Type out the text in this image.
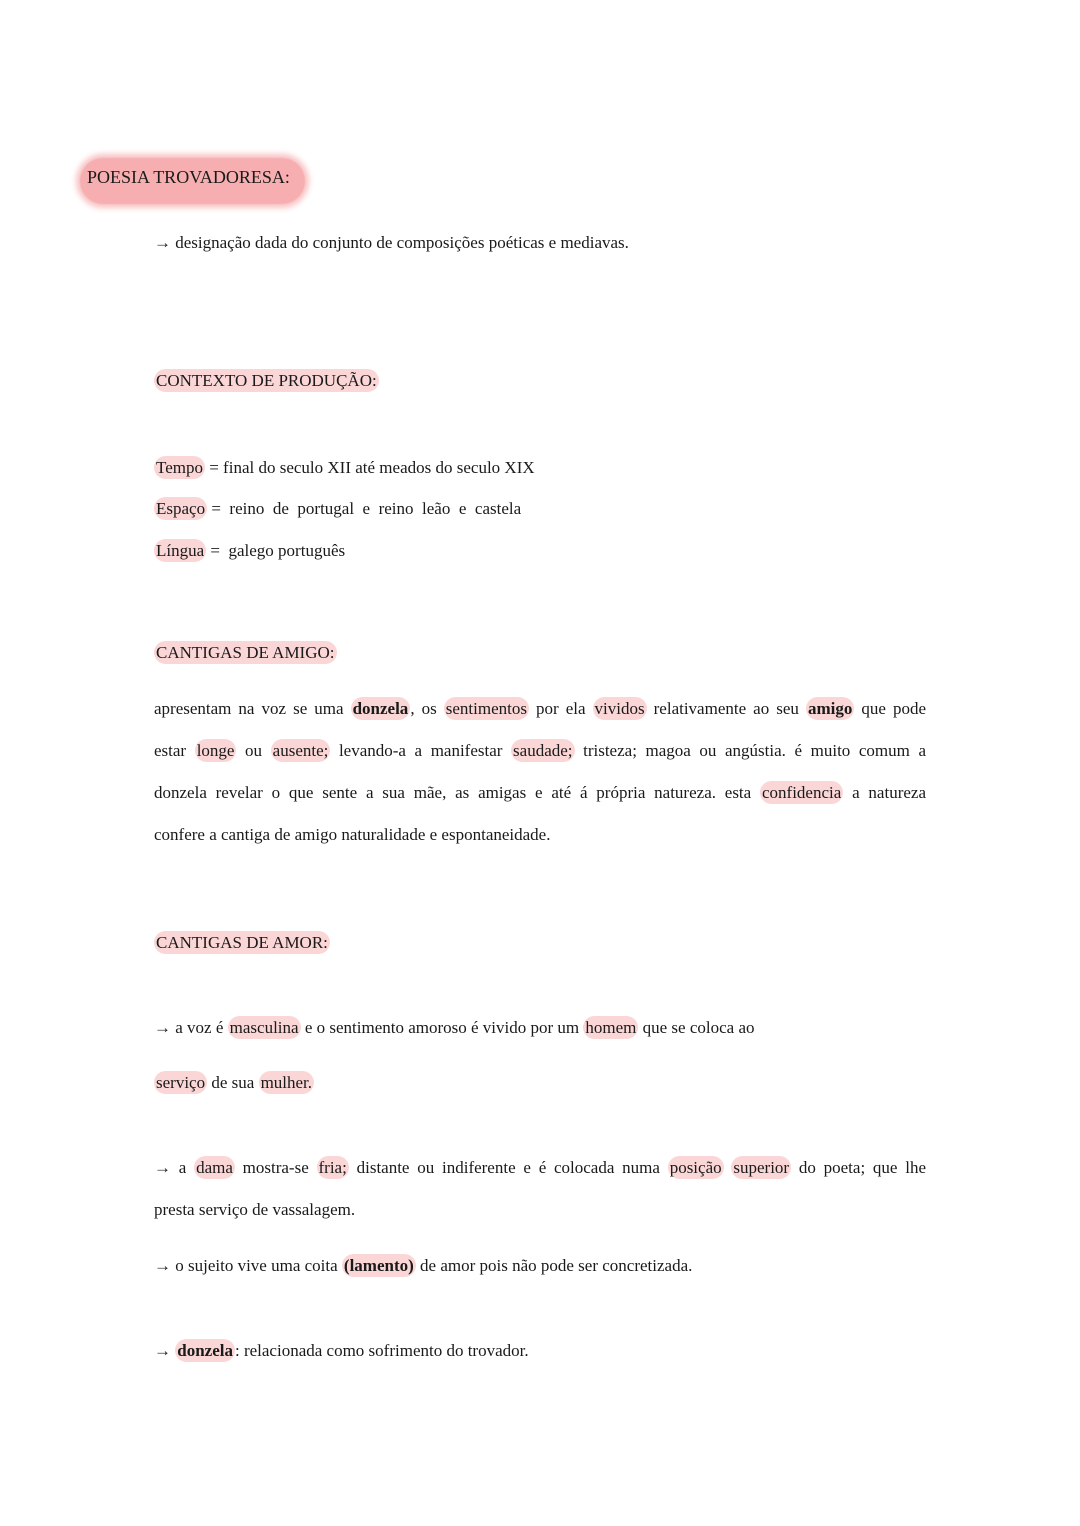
POESIA TROVADORESA:
→ designação dada do conjunto de composições poéticas e mediavas.
CONTEXTO DE PRODUÇÃO:
Tempo = final do seculo XII até meados do seculo XIX
Espaço =  reino  de  portugal  e  reino  leão  e  castela
Língua =  galego português
CANTIGAS DE AMIGO:
apresentam na voz se uma donzela , os sentimentos por ela vividos relativamente ao seu amigo que pode
estar longe ou ausente; levando-a a manifestar saudade; tristeza; magoa ou angústia. é muito comum a
donzela revelar o que sente a sua mãe, as amigas e até á própria natureza. esta confidencia a natureza
confere a cantiga de amigo naturalidade e espontaneidade.
CANTIGAS DE AMOR:
→ a voz é masculina e o sentimento amoroso é vivido por um homem que se coloca ao
serviço de sua mulher.
→ a dama mostra-se fria; distante ou indiferente e é colocada numa posição superior do poeta; que lhe
presta serviço de vassalagem.
→ o sujeito vive uma coita (lamento) de amor pois não pode ser concretizada.
→ donzela : relacionada como sofrimento do trovador.
